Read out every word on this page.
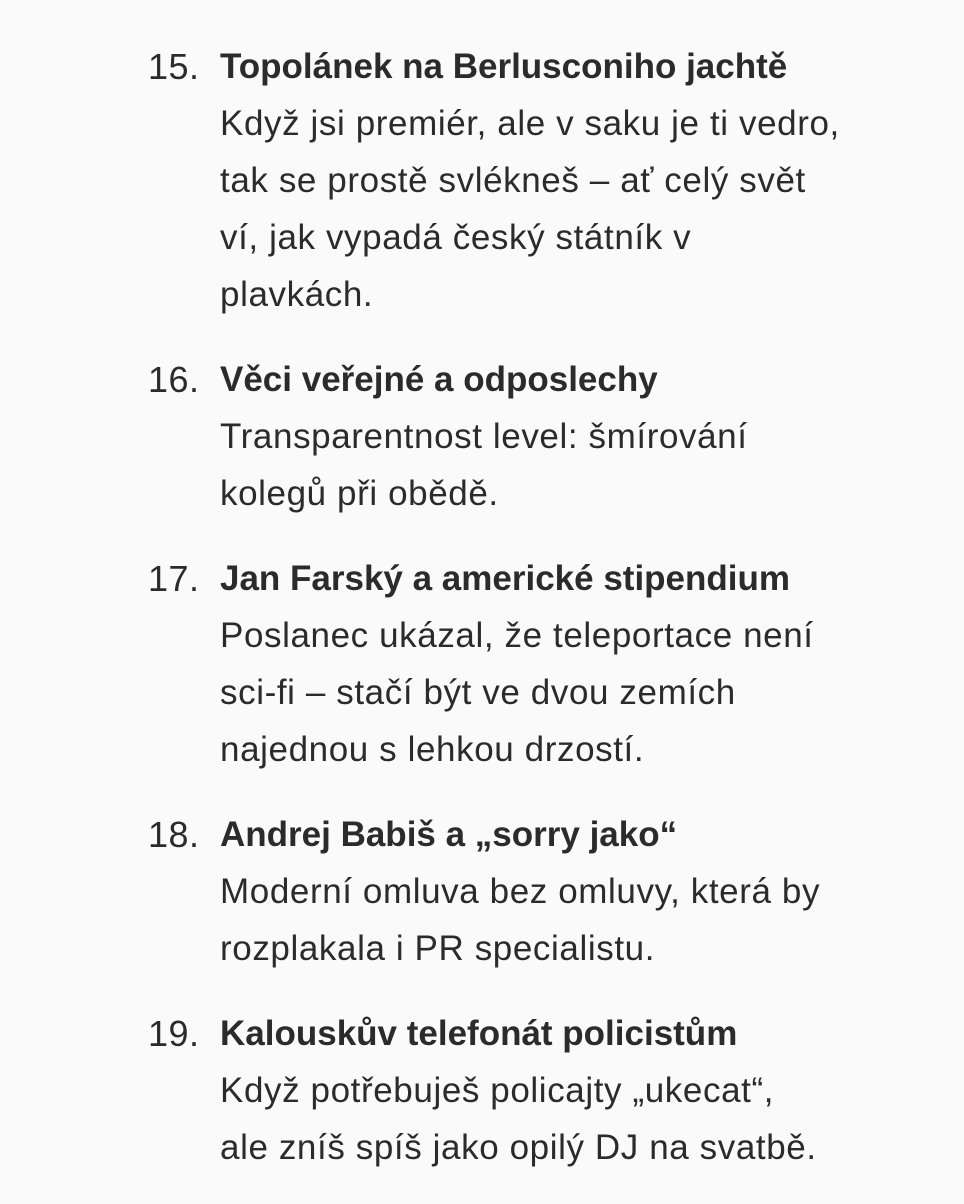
15. Topolánek na Berlusconiho jachtě
Když jsi premiér, ale v saku je ti vedro,
tak se prostě svlékneš – ať celý svět
ví, jak vypadá český státník v
plavkách.
16. Věci veřejné a odposlechy
Transparentnost level: šmírování
kolegů při obědě.
17. Jan Farský a americké stipendium
Poslanec ukázal, že teleportace není
sci-fi – stačí být ve dvou zemích
najednou s lehkou drzostí.
18. Andrej Babiš a „sorry jako“
Moderní omluva bez omluvy, která by
rozplakala i PR specialistu.
19. Kalouskův telefonát policistům
Když potřebuješ policajty „ukecat“,
ale zníš spíš jako opilý DJ na svatbě.
